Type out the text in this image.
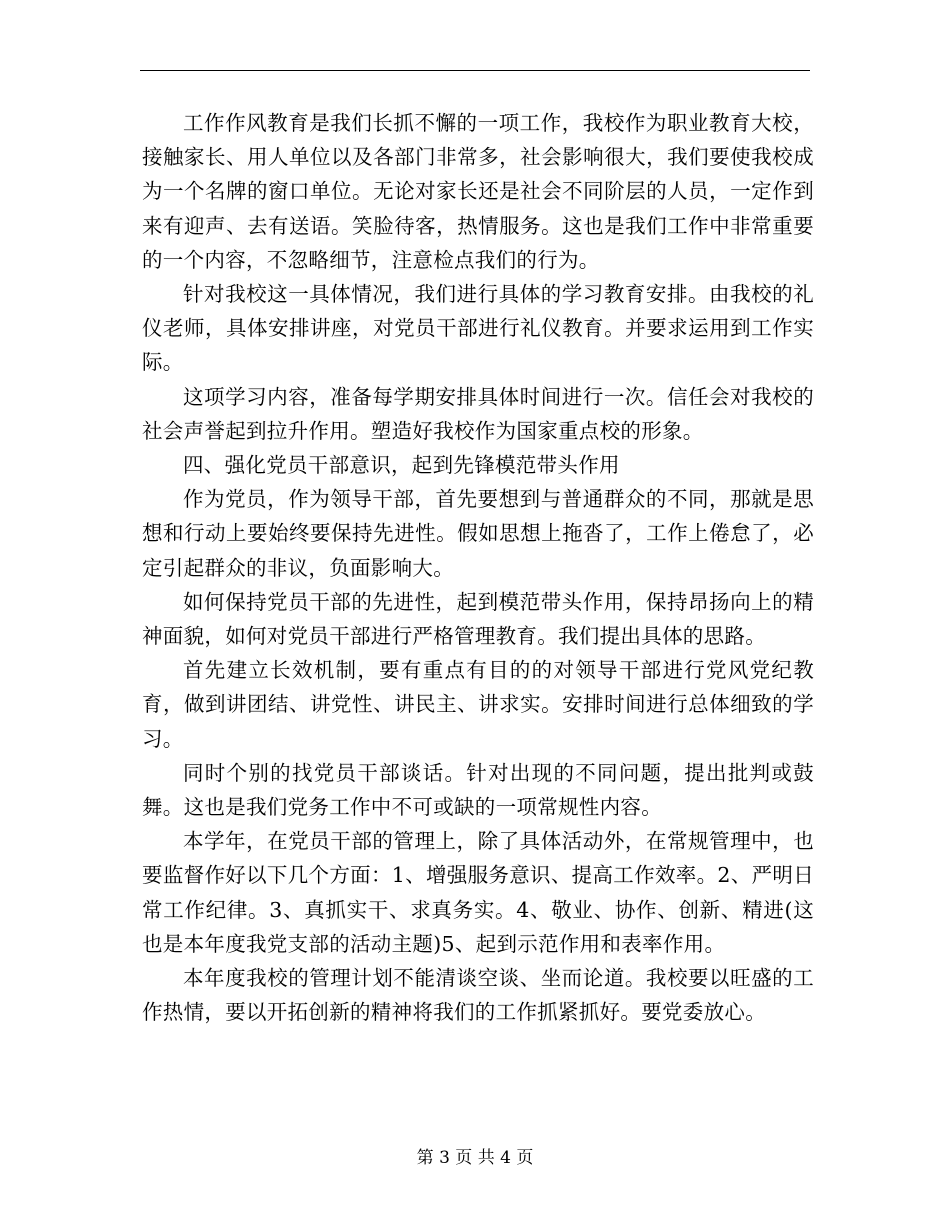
工作作风教育是我们长抓不懈的一项工作，我校作为职业教育大校，接触家长、用人单位以及各部门非常多，社会影响很大，我们要使我校成为一个名牌的窗口单位。无论对家长还是社会不同阶层的人员，一定作到来有迎声、去有送语。笑脸待客，热情服务。这也是我们工作中非常重要的一个内容，不忽略细节，注意检点我们的行为。

针对我校这一具体情况，我们进行具体的学习教育安排。由我校的礼仪老师，具体安排讲座，对党员干部进行礼仪教育。并要求运用到工作实际。

这项学习内容，准备每学期安排具体时间进行一次。信任会对我校的社会声誉起到拉升作用。塑造好我校作为国家重点校的形象。

四、强化党员干部意识，起到先锋模范带头作用

作为党员，作为领导干部，首先要想到与普通群众的不同，那就是思想和行动上要始终要保持先进性。假如思想上拖沓了，工作上倦怠了，必定引起群众的非议，负面影响大。

如何保持党员干部的先进性，起到模范带头作用，保持昂扬向上的精神面貌，如何对党员干部进行严格管理教育。我们提出具体的思路。

首先建立长效机制，要有重点有目的的对领导干部进行党风党纪教育，做到讲团结、讲党性、讲民主、讲求实。安排时间进行总体细致的学习。

同时个别的找党员干部谈话。针对出现的不同问题，提出批判或鼓舞。这也是我们党务工作中不可或缺的一项常规性内容。

本学年，在党员干部的管理上，除了具体活动外，在常规管理中，也要监督作好以下几个方面：1、增强服务意识、提高工作效率。2、严明日常工作纪律。3、真抓实干、求真务实。4、敬业、协作、创新、精进(这也是本年度我党支部的活动主题)5、起到示范作用和表率作用。

本年度我校的管理计划不能清谈空谈、坐而论道。我校要以旺盛的工作热情，要以开拓创新的精神将我们的工作抓紧抓好。要党委放心。

第 3 页 共 4 页
